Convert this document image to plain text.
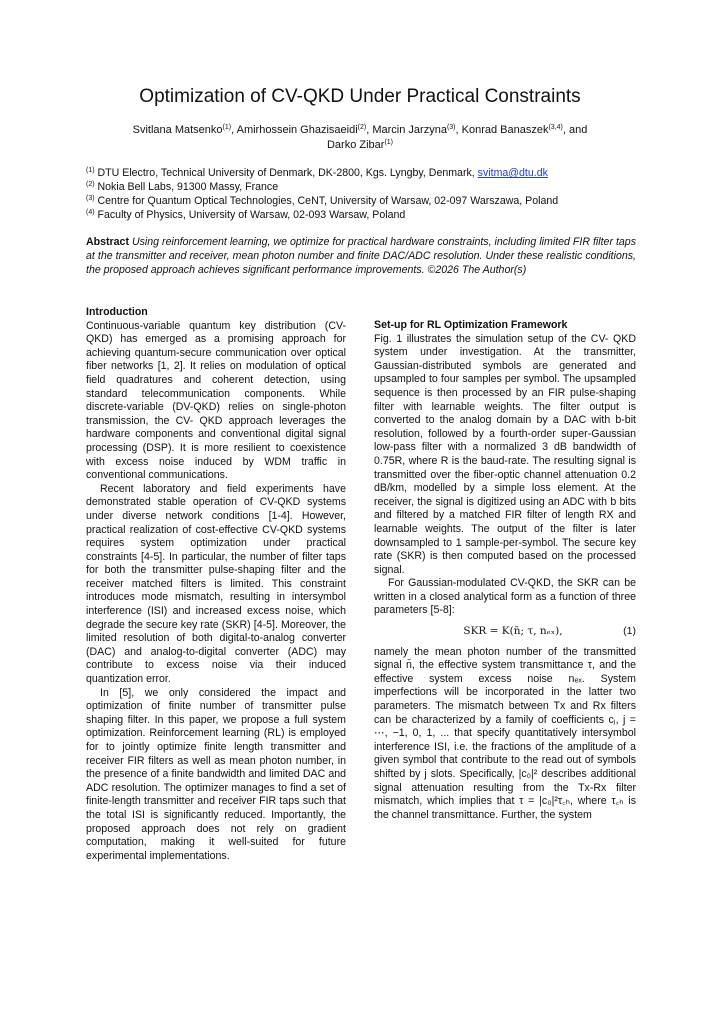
Optimization of CV-QKD Under Practical Constraints
Svitlana Matsenko$^{(1)}$, Amirhossein Ghazisaeidi$^{(2)}$, Marcin Jarzyna$^{(3)}$, Konrad Banaszek$^{(3,4)}$, and
Darko Zibar$^{(1)}$
$^{(1)}$ DTU Electro, Technical University of Denmark, DK-2800, Kgs. Lyngby, Denmark, svitma@dtu.dk
$^{(2)}$ Nokia Bell Labs, 91300 Massy, France
$^{(3)}$ Centre for Quantum Optical Technologies, CeNT, University of Warsaw, 02-097 Warszawa, Poland
$^{(4)}$ Faculty of Physics, University of Warsaw, 02-093 Warsaw, Poland
Abstract Using reinforcement learning, we optimize for practical hardware constraints, including limited FIR filter taps at the transmitter and receiver, mean photon number and finite DAC/ADC resolution. Under these realistic conditions, the proposed approach achieves significant performance improvements. ©2026 The Author(s)

Introduction

Continuous-variable quantum key distribution (CV-QKD) has emerged as a promising approach for achieving quantum-secure communication over optical fiber networks [1, 2]. It relies on modulation of optical field quadratures and coherent detection, using standard telecommunication components. While discrete-variable (DV-QKD) relies on single-photon transmission, the CV- QKD approach leverages the hardware components and conventional digital signal processing (DSP). It is more resilient to coexistence with excess noise induced by WDM traffic in conventional communications.

Recent laboratory and field experiments have demonstrated stable operation of CV-QKD systems under diverse network conditions [1-4]. However, practical realization of cost-effective CV-QKD systems requires system optimization under practical constraints [4-5]. In particular, the number of filter taps for both the transmitter pulse-shaping filter and the receiver matched filters is limited. This constraint introduces mode mismatch, resulting in intersymbol interference (ISI) and increased excess noise, which degrade the secure key rate (SKR) [4-5]. Moreover, the limited resolution of both digital-to-analog converter (DAC) and analog-to-digital converter (ADC) may contribute to excess noise via their induced quantization error.

In [5], we only considered the impact and optimization of finite number of transmitter pulse shaping filter. In this paper, we propose a full system optimization. Reinforcement learning (RL) is employed for to jointly optimize finite length transmitter and receiver FIR filters as well as mean photon number, in the presence of a finite bandwidth and limited DAC and ADC resolution. The optimizer manages to find a set of finite-length transmitter and receiver FIR taps such that the total ISI is significantly reduced. Importantly, the proposed approach does not rely on gradient computation, making it well-suited for future experimental implementations.

Set-up for RL Optimization Framework

Fig. 1 illustrates the simulation setup of the CV- QKD system under investigation. At the transmitter, Gaussian-distributed symbols are generated and upsampled to four samples per symbol. The upsampled sequence is then processed by an FIR pulse-shaping filter with learnable weights. The filter output is converted to the analog domain by a DAC with b-bit resolution, followed by a fourth-order super-Gaussian low-pass filter with a normalized 3 dB bandwidth of 0.75R, where R is the baud-rate. The resulting signal is transmitted over the fiber-optic channel attenuation 0.2 dB/km, modelled by a simple loss element. At the receiver, the signal is digitized using an ADC with b bits and filtered by a matched FIR filter of length RX and learnable weights. The output of the filter is later downsampled to 1 sample-per-symbol. The secure key rate (SKR) is then computed based on the processed signal.

For Gaussian-modulated CV-QKD, the SKR can be written in a closed analytical form as a function of three parameters [5-8]:

SKR = K(n̄; τ, nₑₓ),	(1)

namely the mean photon number of the transmitted signal n̄, the effective system transmittance τ, and the effective system excess noise nₑₓ. System imperfections will be incorporated in the latter two parameters. The mismatch between Tx and Rx filters can be characterized by a family of coefficients cⱼ, j = ⋯, −1, 0, 1, ... that specify quantitatively intersymbol interference ISI, i.e. the fractions of the amplitude of a given symbol that contribute to the read out of symbols shifted by j slots. Specifically, |c₀|² describes additional signal attenuation resulting from the Tx-Rx filter mismatch, which implies that τ = |c₀|²τ꜀ₕ, where τ꜀ₕ is the channel transmittance. Further, the system
